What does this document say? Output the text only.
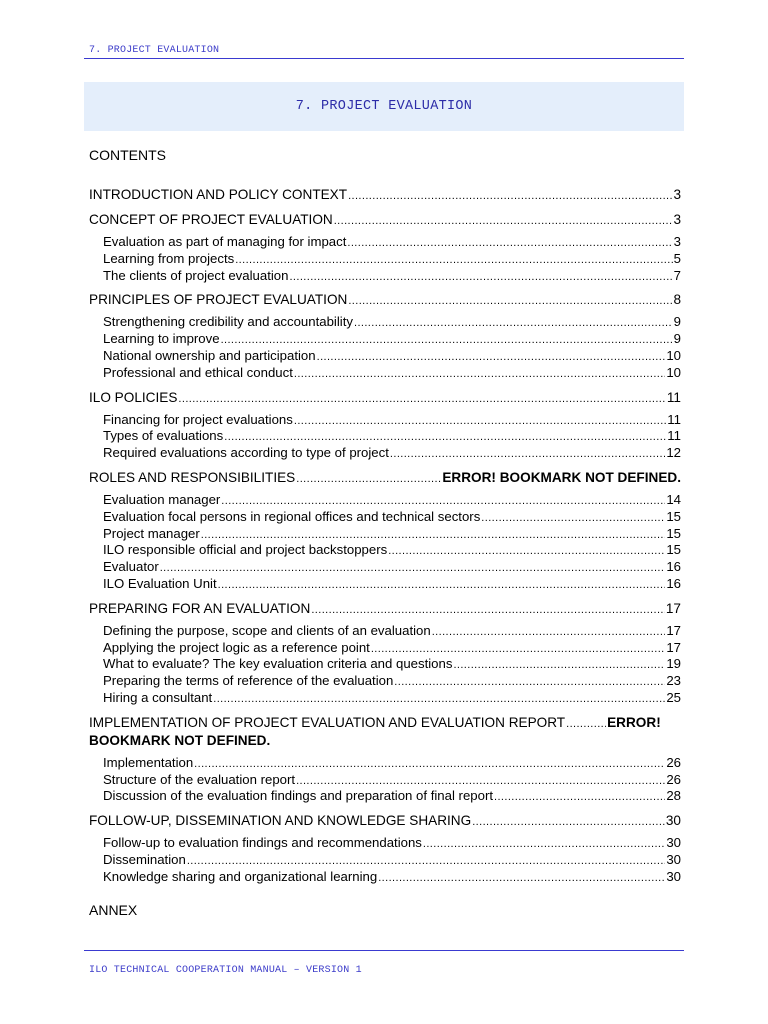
7. PROJECT EVALUATION
7. PROJECT EVALUATION
CONTENTS
INTRODUCTION AND POLICY CONTEXT .....	3
CONCEPT OF PROJECT EVALUATION .....	3
Evaluation as part of managing for impact .....	3
Learning from projects .....	5
The clients of project evaluation .....	7
PRINCIPLES OF PROJECT EVALUATION .....	8
Strengthening credibility and accountability .....	9
Learning to improve .....	9
National ownership and participation .....	10
Professional and ethical conduct .....	10
ILO POLICIES .....	11
Financing for project evaluations .....	11
Types of evaluations .....	11
Required evaluations according to type of project .....	12
ROLES AND RESPONSIBILITIES .....	ERROR! BOOKMARK NOT DEFINED.
Evaluation manager .....	14
Evaluation focal persons in regional offices and technical sectors .....	15
Project manager .....	15
ILO responsible official and project backstoppers .....	15
Evaluator .....	16
ILO Evaluation Unit .....	16
PREPARING FOR AN EVALUATION .....	17
Defining the purpose, scope and clients of an evaluation .....	17
Applying the project logic as a reference point .....	17
What to evaluate? The key evaluation criteria and questions .....	19
Preparing the terms of reference of the evaluation .....	23
Hiring a consultant .....	25
IMPLEMENTATION OF PROJECT EVALUATION AND EVALUATION REPORT .....	ERROR!
BOOKMARK NOT DEFINED.
Implementation .....	26
Structure of the evaluation report .....	26
Discussion of the evaluation findings and preparation of final report .....	28
FOLLOW-UP, DISSEMINATION AND KNOWLEDGE SHARING .....	30
Follow-up to evaluation findings and recommendations .....	30
Dissemination .....	30
Knowledge sharing and organizational learning .....	30
ANNEX
ILO TECHNICAL COOPERATION MANUAL – VERSION 1
